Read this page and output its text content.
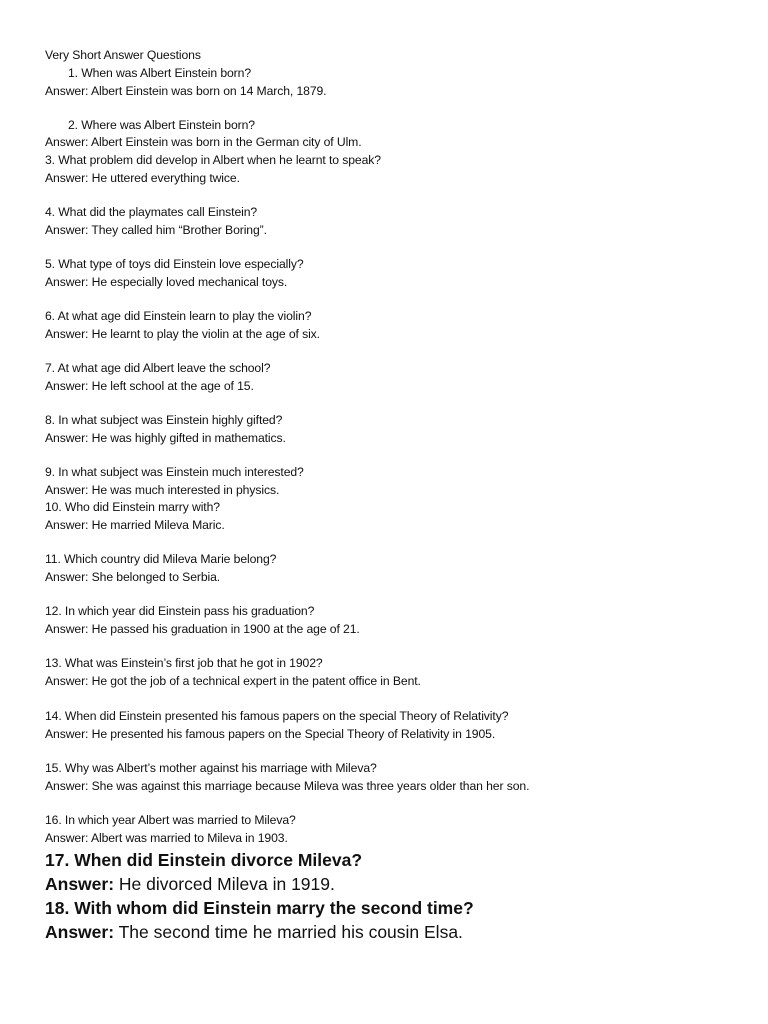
Very Short Answer Questions
1. When was Albert Einstein born?
Answer: Albert Einstein was born on 14 March, 1879.
2. Where was Albert Einstein born?
Answer: Albert Einstein was born in the German city of Ulm.
3. What problem did develop in Albert when he learnt to speak?
Answer: He uttered everything twice.
4. What did the playmates call Einstein?
Answer: They called him “Brother Boring”.
5. What type of toys did Einstein love especially?
Answer: He especially loved mechanical toys.
6. At what age did Einstein learn to play the violin?
Answer: He learnt to play the violin at the age of six.
7. At what age did Albert leave the school?
Answer: He left school at the age of 15.
8. In what subject was Einstein highly gifted?
Answer: He was highly gifted in mathematics.
9. In what subject was Einstein much interested?
Answer: He was much interested in physics.
10. Who did Einstein marry with?
Answer: He married Mileva Maric.
11. Which country did Mileva Marie belong?
Answer: She belonged to Serbia.
12. In which year did Einstein pass his graduation?
Answer: He passed his graduation in 1900 at the age of 21.
13. What was Einstein’s first job that he got in 1902?
Answer: He got the job of a technical expert in the patent office in Bent.
14. When did Einstein presented his famous papers on the special Theory of Relativity?
Answer: He presented his famous papers on the Special Theory of Relativity in 1905.
15. Why was Albert’s mother against his marriage with Mileva?
Answer: She was against this marriage because Mileva was three years older than her son.
16. In which year Albert was married to Mileva?
Answer: Albert was married to Mileva in 1903.
17. When did Einstein divorce Mileva?
Answer: He divorced Mileva in 1919.
18. With whom did Einstein marry the second time?
Answer: The second time he married his cousin Elsa.
